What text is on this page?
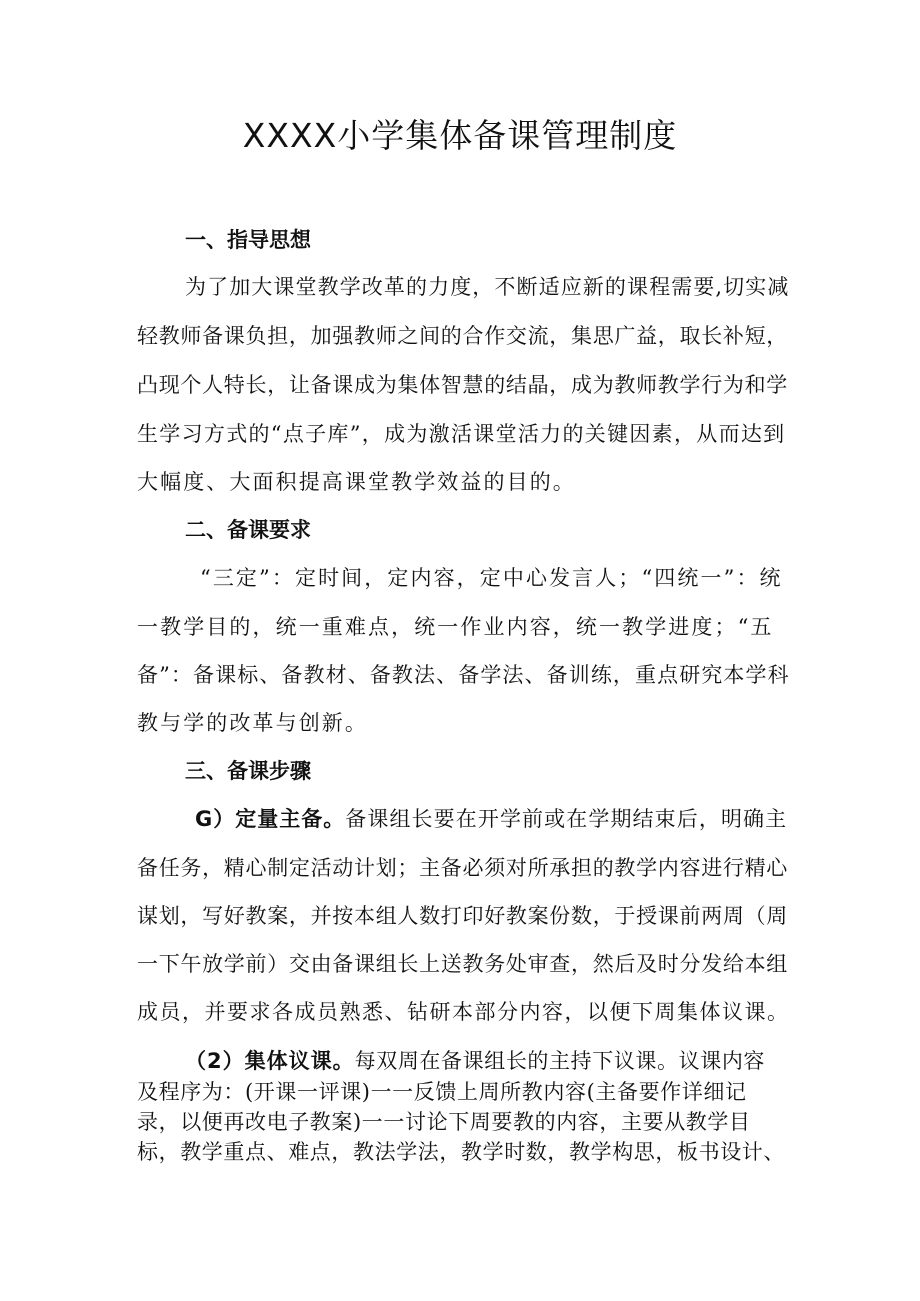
XXXX小学集体备课管理制度

一、指导思想

为了加大课堂教学改革的力度，不断适应新的课程需要,切实减

轻教师备课负担，加强教师之间的合作交流，集思广益，取长补短，

凸现个人特长，让备课成为集体智慧的结晶，成为教师教学行为和学

生学习方式的“点子库”，成为激活课堂活力的关键因素，从而达到

大幅度、大面积提高课堂教学效益的目的。

二、备课要求

“三定”：定时间，定内容，定中心发言人；“四统一”：统

一教学目的，统一重难点，统一作业内容，统一教学进度；“五

备”：备课标、备教材、备教法、备学法、备训练，重点研究本学科

教与学的改革与创新。

三、备课步骤

G）定量主备。备课组长要在开学前或在学期结束后，明确主

备任务，精心制定活动计划；主备必须对所承担的教学内容进行精心

谋划，写好教案，并按本组人数打印好教案份数，于授课前两周（周

一下午放学前）交由备课组长上送教务处审查，然后及时分发给本组

成员，并要求各成员熟悉、钻研本部分内容，以便下周集体议课。

（2）集体议课。每双周在备课组长的主持下议课。议课内容

及程序为：(开课一评课)一一反馈上周所教内容(主备要作详细记

录，以便再改电子教案)一一讨论下周要教的内容，主要从教学目

标，教学重点、难点，教法学法，教学时数，教学构思，板书设计、
